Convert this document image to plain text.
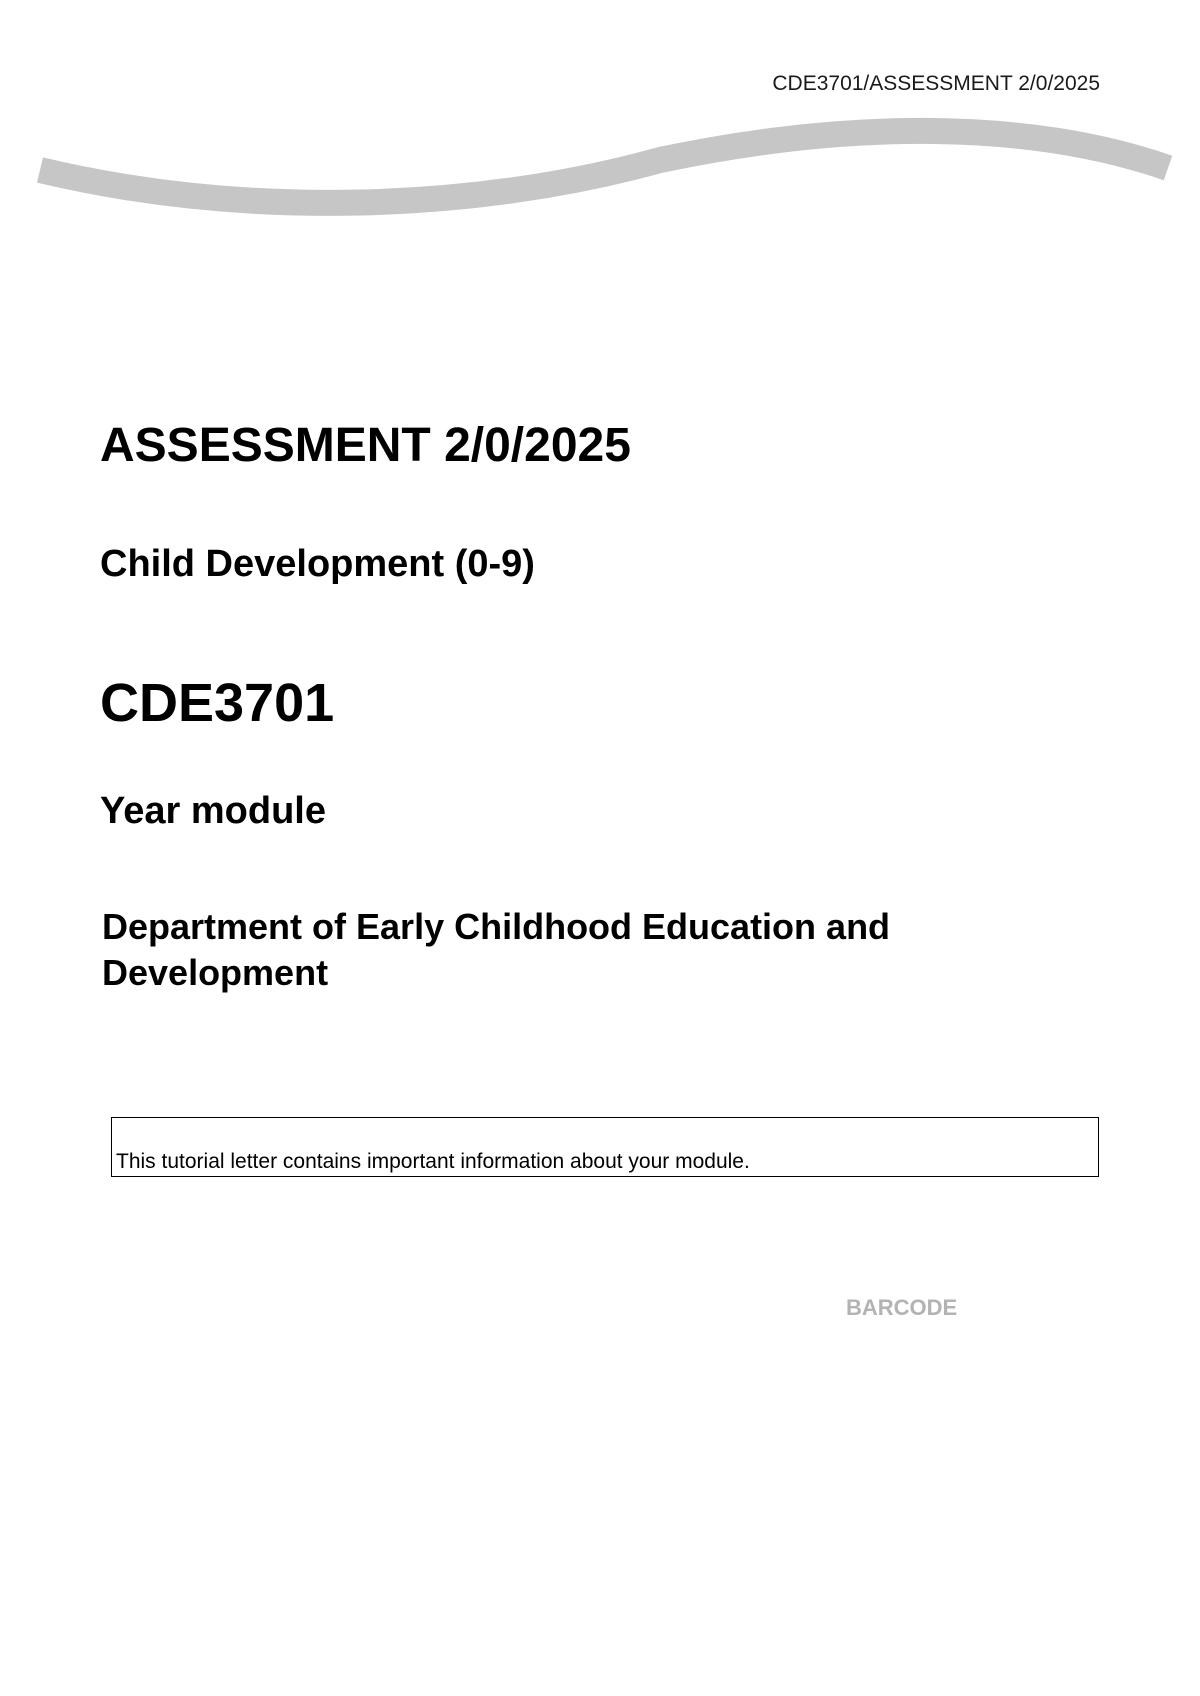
CDE3701/ASSESSMENT 2/0/2025
ASSESSMENT 2/0/2025
Child Development (0-9)
CDE3701
Year module
Department of Early Childhood Education and Development
This tutorial letter contains important information about your module.
BARCODE
